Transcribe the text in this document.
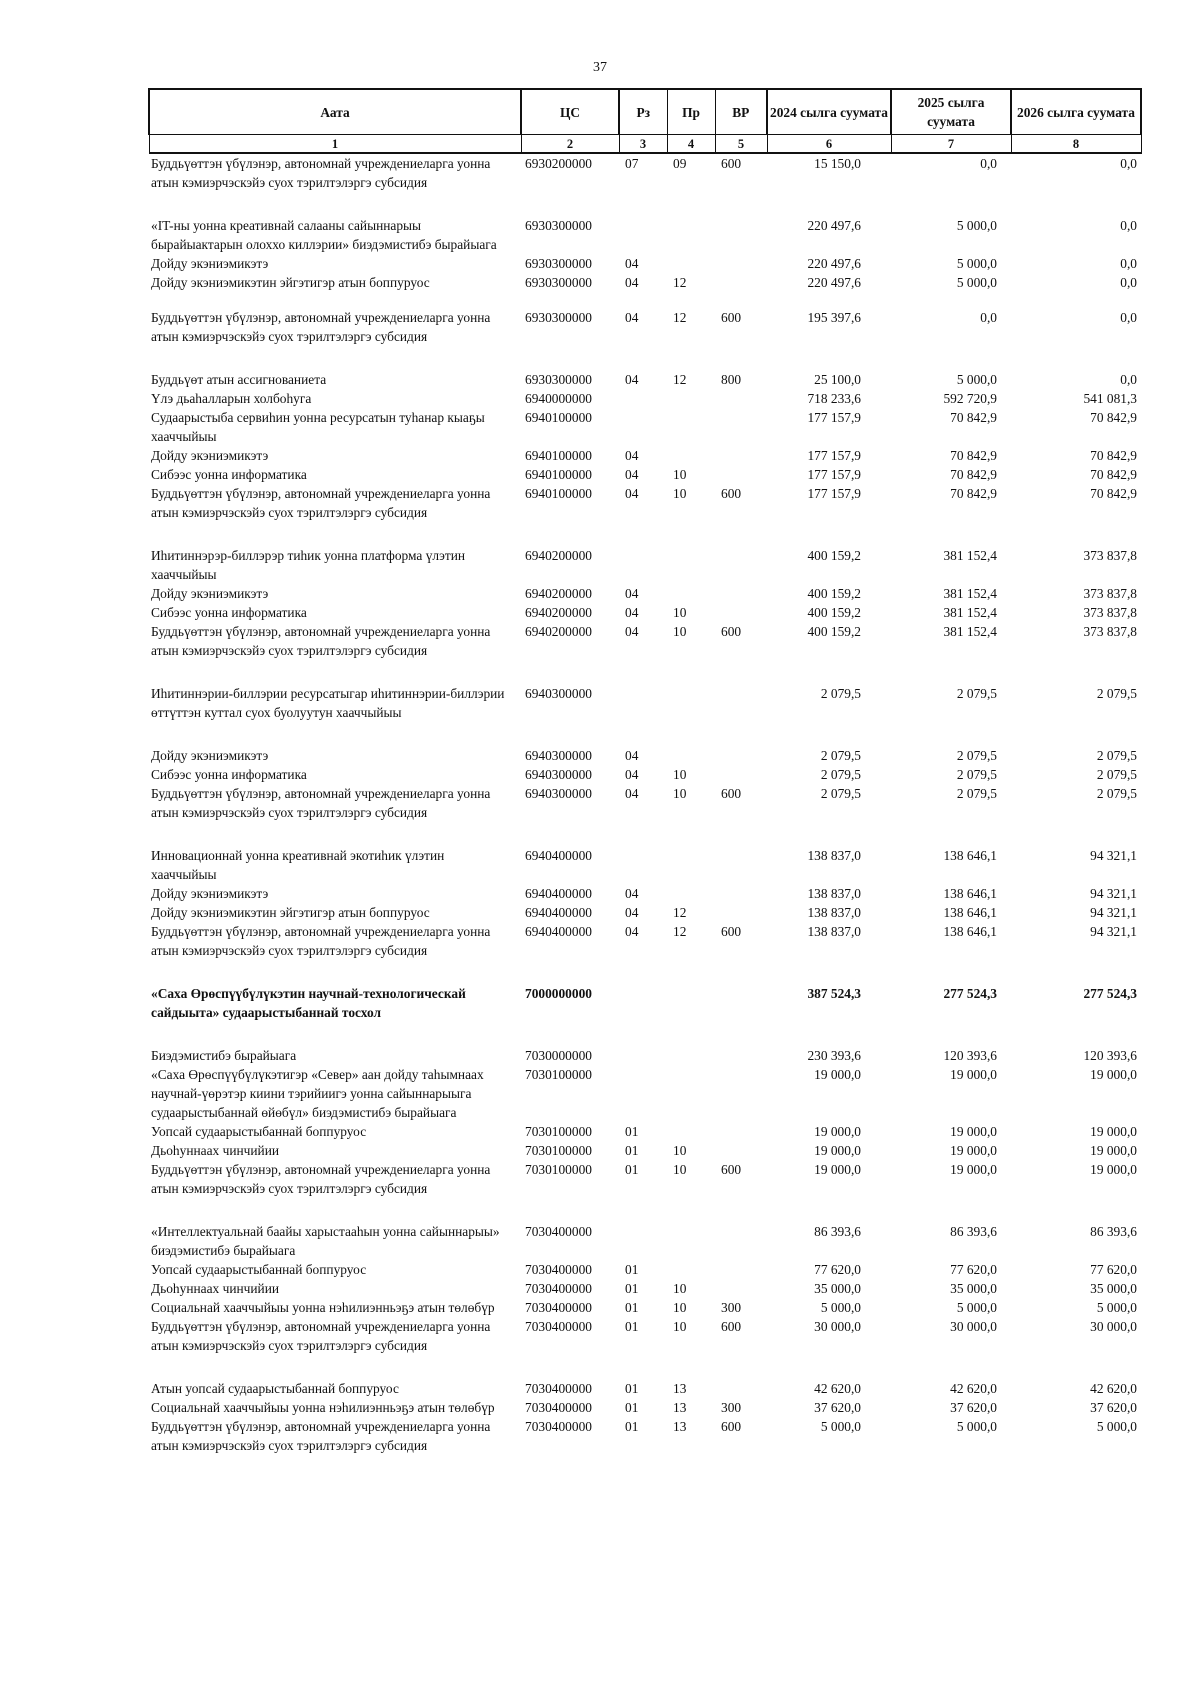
37
Аата	ЦС	Рз	Пр	ВР	2024 сылга суумата	2025 сылга суумата	2026 сылга суумата
1	2	3	4	5	6	7	8
Буддьүөттэн үбүлэнэр, автономнай учреждениеларга уонна атын кэмиэрчэскэйэ суох тэрилтэлэргэ субсидия	6930200000	07	09	600	15 150,0	0,0	0,0

«IT-ны уонна креативнай салааны сайыннарыы бырайыактарын олоххо киллэрии» биэдэмистибэ бырайыага	6930300000				220 497,6	5 000,0	0,0
Дойду экэниэмикэтэ	6930300000	04			220 497,6	5 000,0	0,0
Дойду экэниэмикэтин эйгэтигэр атын боппуруос	6930300000	04	12		220 497,6	5 000,0	0,0

Буддьүөттэн үбүлэнэр, автономнай учреждениеларга уонна атын кэмиэрчэскэйэ суох тэрилтэлэргэ субсидия	6930300000	04	12	600	195 397,6	0,0	0,0

Буддьүөт атын ассигнованиета	6930300000	04	12	800	25 100,0	5 000,0	0,0
Үлэ дьаһалларын холбоһуга	6940000000				718 233,6	592 720,9	541 081,3
Судаарыстыба сервиһин уонна ресурсатын туһанар кыаҕы хааччыйыы	6940100000				177 157,9	70 842,9	70 842,9
Дойду экэниэмикэтэ	6940100000	04			177 157,9	70 842,9	70 842,9
Сибээс уонна информатика	6940100000	04	10		177 157,9	70 842,9	70 842,9
Буддьүөттэн үбүлэнэр, автономнай учреждениеларга уонна атын кэмиэрчэскэйэ суох тэрилтэлэргэ субсидия	6940100000	04	10	600	177 157,9	70 842,9	70 842,9

Иһитиннэрэр-биллэрэр тиһик уонна платформа үлэтин хааччыйыы	6940200000				400 159,2	381 152,4	373 837,8
Дойду экэниэмикэтэ	6940200000	04			400 159,2	381 152,4	373 837,8
Сибээс уонна информатика	6940200000	04	10		400 159,2	381 152,4	373 837,8
Буддьүөттэн үбүлэнэр, автономнай учреждениеларга уонна атын кэмиэрчэскэйэ суох тэрилтэлэргэ субсидия	6940200000	04	10	600	400 159,2	381 152,4	373 837,8

Иһитиннэрии-биллэрии ресурсатыгар иһитиннэрии-биллэрии өттүттэн куттал суох буолуутун хааччыйыы	6940300000				2 079,5	2 079,5	2 079,5

Дойду экэниэмикэтэ	6940300000	04			2 079,5	2 079,5	2 079,5
Сибээс уонна информатика	6940300000	04	10		2 079,5	2 079,5	2 079,5
Буддьүөттэн үбүлэнэр, автономнай учреждениеларга уонна атын кэмиэрчэскэйэ суох тэрилтэлэргэ субсидия	6940300000	04	10	600	2 079,5	2 079,5	2 079,5

Инновационнай уонна креативнай экотиһик үлэтин хааччыйыы	6940400000				138 837,0	138 646,1	94 321,1
Дойду экэниэмикэтэ	6940400000	04			138 837,0	138 646,1	94 321,1
Дойду экэниэмикэтин эйгэтигэр атын боппуруос	6940400000	04	12		138 837,0	138 646,1	94 321,1
Буддьүөттэн үбүлэнэр, автономнай учреждениеларга уонна атын кэмиэрчэскэйэ суох тэрилтэлэргэ субсидия	6940400000	04	12	600	138 837,0	138 646,1	94 321,1

«Саха Өрөспүүбүлүкэтин научнай-технологическай сайдыыта» судаарыстыбаннай тосхол	7000000000				387 524,3	277 524,3	277 524,3

Биэдэмистибэ бырайыага	7030000000				230 393,6	120 393,6	120 393,6
«Саха Өрөспүүбүлүкэтигэр «Север» аан дойду таһымнаах научнай-үөрэтэр киини тэрийиигэ уонна сайыннарыыга судаарыстыбаннай өйөбүл» биэдэмистибэ бырайыага	7030100000				19 000,0	19 000,0	19 000,0
Уопсай судаарыстыбаннай боппуруос	7030100000	01			19 000,0	19 000,0	19 000,0
Дьоһуннаах чинчийии	7030100000	01	10		19 000,0	19 000,0	19 000,0
Буддьүөттэн үбүлэнэр, автономнай учреждениеларга уонна атын кэмиэрчэскэйэ суох тэрилтэлэргэ субсидия	7030100000	01	10	600	19 000,0	19 000,0	19 000,0

«Интеллектуальнай баайы харыстааһын уонна сайыннарыы» биэдэмистибэ бырайыага	7030400000				86 393,6	86 393,6	86 393,6
Уопсай судаарыстыбаннай боппуруос	7030400000	01			77 620,0	77 620,0	77 620,0
Дьоһуннаах чинчийии	7030400000	01	10		35 000,0	35 000,0	35 000,0
Социальнай хааччыйыы уонна нэһилиэнньэҕэ атын төлөбүр	7030400000	01	10	300	5 000,0	5 000,0	5 000,0
Буддьүөттэн үбүлэнэр, автономнай учреждениеларга уонна атын кэмиэрчэскэйэ суох тэрилтэлэргэ субсидия	7030400000	01	10	600	30 000,0	30 000,0	30 000,0

Атын уопсай судаарыстыбаннай боппуруос	7030400000	01	13		42 620,0	42 620,0	42 620,0
Социальнай хааччыйыы уонна нэһилиэнньэҕэ атын төлөбүр	7030400000	01	13	300	37 620,0	37 620,0	37 620,0
Буддьүөттэн үбүлэнэр, автономнай учреждениеларга уонна атын кэмиэрчэскэйэ суох тэрилтэлэргэ субсидия	7030400000	01	13	600	5 000,0	5 000,0	5 000,0
